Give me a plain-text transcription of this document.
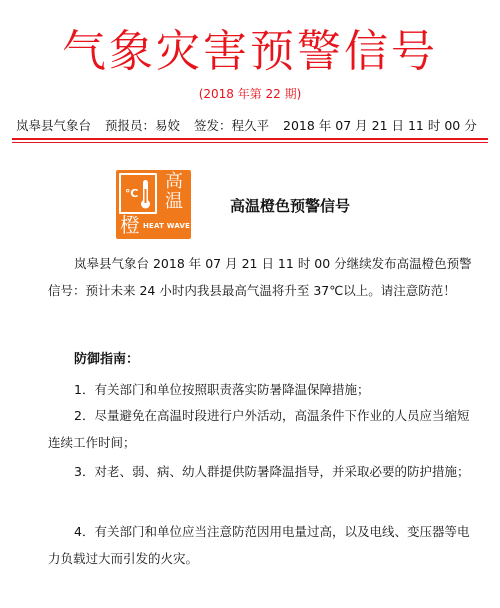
气象灾害预警信号
(2018 年第 22 期)
岚皋县气象台 预报员：易姣 签发：程久平 2018 年 07 月 21 日 11 时 00 分
℃
高
温
橙 HEAT WAVE
高温橙色预警信号
岚皋县气象台 2018 年 07 月 21 日 11 时 00 分继续发布高温橙色预警信号：预计未来 24 小时内我县最高气温将升至 37℃以上。请注意防范！
防御指南：
1．有关部门和单位按照职责落实防暑降温保障措施；
2．尽量避免在高温时段进行户外活动，高温条件下作业的人员应当缩短连续工作时间；
3．对老、弱、病、幼人群提供防暑降温指导，并采取必要的防护措施；
4．有关部门和单位应当注意防范因用电量过高，以及电线、变压器等电力负载过大而引发的火灾。
